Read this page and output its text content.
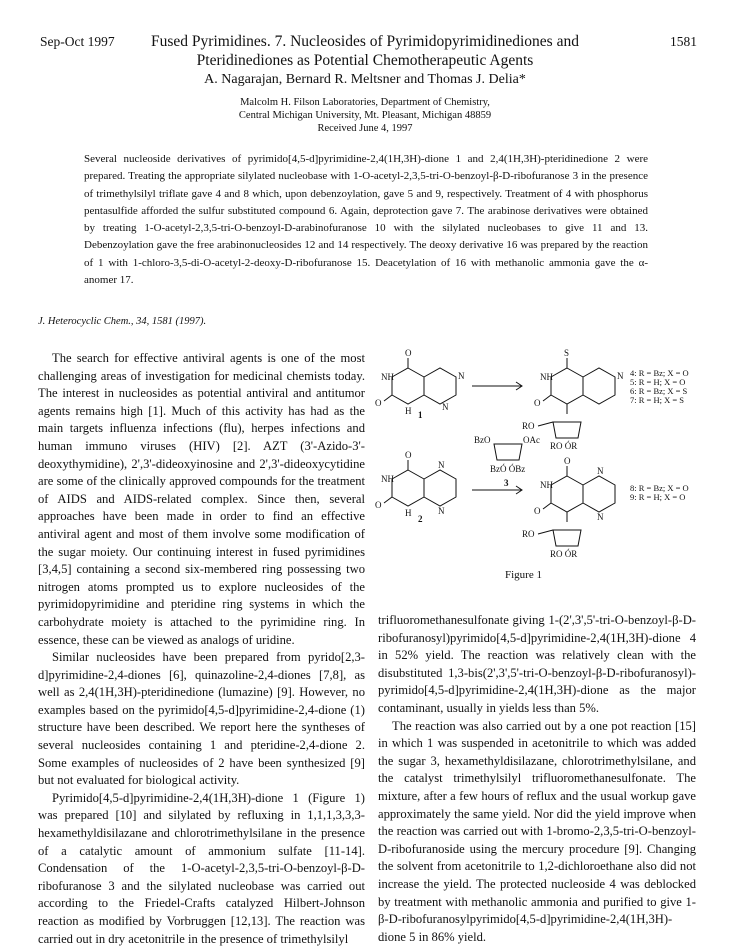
Sep-Oct 1997	1581
Fused Pyrimidines. 7. Nucleosides of Pyrimidopyrimidinediones and
Pteridinediones as Potential Chemotherapeutic Agents
A. Nagarajan, Bernard R. Meltsner and Thomas J. Delia*
Malcolm H. Filson Laboratories, Department of Chemistry,
Central Michigan University, Mt. Pleasant, Michigan 48859
Received June 4, 1997
Several nucleoside derivatives of pyrimido[4,5-d]pyrimidine-2,4(1H,3H)-dione 1 and 2,4(1H,3H)-pteridinedione 2 were prepared. Treating the appropriate silylated nucleobase with 1-O-acetyl-2,3,5-tri-O-benzoyl-β-D-ribofuranose 3 in the presence of trimethylsilyl triflate gave 4 and 8 which, upon debenzoylation, gave 5 and 9, respectively. Treatment of 4 with phosphorus pentasulfide afforded the sulfur substituted compound 6. Again, deprotection gave 7. The arabinose derivatives were obtained by treating 1-O-acetyl-2,3,5-tri-O-benzoyl-D-arabinofuranose 10 with the silylated nucleobases to give 11 and 13. Debenzoylation gave the free arabinonucleosides 12 and 14 respectively. The deoxy derivative 16 was prepared by the reaction of 1 with 1-chloro-3,5-di-O-acetyl-2-deoxy-D-ribofuranose 15. Deacetylation of 16 with methanolic ammonia gave the α-anomer 17.
J. Heterocyclic Chem., 34, 1581 (1997).

The search for effective antiviral agents is one of the most challenging areas of investigation for medicinal chemists today. The interest in nucleosides as potential antiviral and antitumor agents remains high [1]. Much of this activity has had as the main targets influenza infections (flu), herpes infections and human immuno viruses (HIV) [2]. AZT (3'-Azido-3'-deoxythymidine), 2',3'-dideoxyinosine and 2',3'-dideoxycytidine are some of the clinically approved compounds for the treatment of AIDS and AIDS-related complex. Since then, several approaches have been made in order to find an effective antiviral agent and most of them involve some modification of the sugar moiety. Our continuing interest in fused pyrimidines [3,4,5] containing a second six-membered ring possessing two nitrogen atoms prompted us to explore nucleosides of the pyrimidopyrimidine and pteridine ring systems in which the carbohydrate moiety is attached to the pyrimidine ring. In essence, these can be viewed as analogs of uridine.

Similar nucleosides have been prepared from pyrido[2,3-d]pyrimidine-2,4-diones [6], quinazoline-2,4-diones [7,8], as well as 2,4(1H,3H)-pteridinedione (lumazine) [9]. However, no examples based on the pyrimido[4,5-d]pyrimidine-2,4-dione (1) structure have been described. We report here the syntheses of several nucleosides containing 1 and pteridine-2,4-dione 2. Some examples of nucleosides of 2 have been synthesized [9] but not evaluated for biological activity.

Pyrimido[4,5-d]pyrimidine-2,4(1H,3H)-dione 1 (Figure 1) was prepared [10] and silylated by refluxing in 1,1,1,3,3,3-hexamethyldisilazane and chlorotrimethylsilane in the presence of a catalytic amount of ammonium sulfate [11-14]. Condensation of the 1-O-acetyl-2,3,5-tri-O-benzoyl-β-D-ribofuranose 3 and the silylated nucleobase was carried out according to the Friedel-Crafts catalyzed Hilbert-Johnson reaction as modified by Vorbruggen [12,13]. The reaction was carried out in dry acetonitrile in the presence of trimethylsilyl

O
NH
O
H 1
N
N
S
NH
O
N
RO
RO ÓR
4: R = Bz; X = O
5: R = H; X = O
6: R = Bz; X = S
7: R = H; X = S
BzO	OAc
BzÓ ÓBz
3
O
NH
O
H
2
N
N
O
NH
O
N
N
RO
RO ÓR
8: R = Bz; X = O
9: R = H; X = O
Figure 1

trifluoromethanesulfonate giving 1-(2',3',5'-tri-O-benzoyl-β-D-ribofuranosyl)pyrimido[4,5-d]pyrimidine-2,4(1H,3H)-dione 4 in 52% yield. The reaction was relatively clean with the disubstituted 1,3-bis(2',3',5'-tri-O-benzoyl-β-D-ribofuranosyl)-pyrimido[4,5-d]pyrimidine-2,4(1H,3H)-dione as the major contaminant, usually in yields less than 5%.

The reaction was also carried out by a one pot reaction [15] in which 1 was suspended in acetonitrile to which was added the sugar 3, hexamethyldisilazane, chlorotrimethylsilane, and the catalyst trimethylsilyl trifluoromethanesulfonate. The mixture, after a few hours of reflux and the usual workup gave approximately the same yield. Nor did the yield improve when the reaction was carried out with 1-bromo-2,3,5-tri-O-benzoyl-D-ribofuranoside using the mercury procedure [9]. Changing the solvent from acetonitrile to 1,2-dichloroethane also did not increase the yield. The protected nucleoside 4 was deblocked by treatment with methanolic ammonia and purified to give 1-β-D-ribofuranosylpyrimido[4,5-d]pyrimidine-2,4(1H,3H)-dione 5 in 86% yield.
